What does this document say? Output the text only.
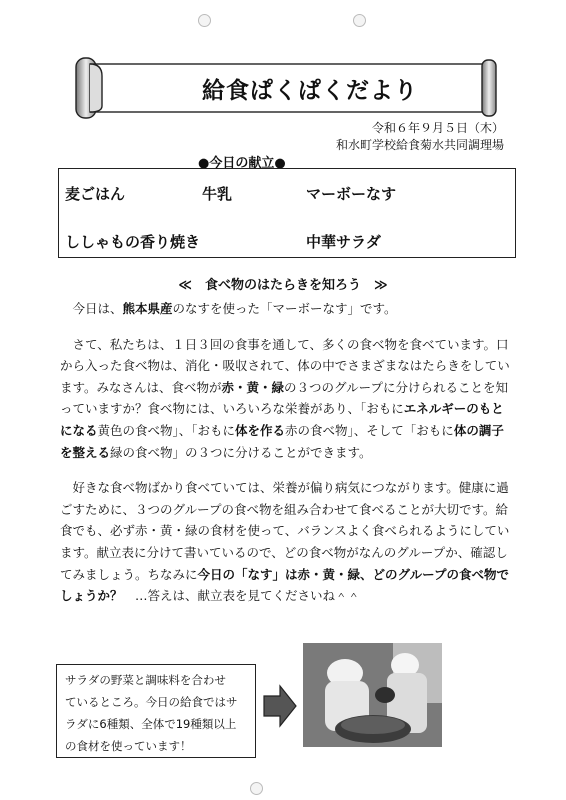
給食ぱくぱくだより
令和６年９月５日（木）
和水町学校給食菊水共同調理場
●今日の献立●
麦ごはん	牛乳	マーボーなす
ししゃもの香り焼き	中華サラダ
≪　食べ物のはたらきを知ろう　≫

今日は、熊本県産のなすを使った「マーボーなす」です。

さて、私たちは、１日３回の食事を通して、多くの食べ物を食べています。口から入った食べ物は、消化・吸収されて、体の中でさまざまなはたらきをしています。みなさんは、食べ物が赤・黄・緑の３つのグループに分けられることを知っていますか？食べ物には、いろいろな栄養があり、「おもにエネルギーのもとになる黄色の食べ物」、「おもに体を作る赤の食べ物」、そして「おもに体の調子を整える緑の食べ物」の３つに分けることができます。

好きな食べ物ばかり食べていては、栄養が偏り病気につながります。健康に過ごすために、３つのグループの食べ物を組み合わせて食べることが大切です。給食でも、必ず赤・黄・緑の食材を使って、バランスよく食べられるようにしています。献立表に分けて書いているので、どの食べ物がなんのグループか、確認してみましょう。ちなみに今日の「なす」は赤・黄・緑、どのグループの食べ物でしょうか？　…答えは、献立表を見てくださいね＾＾

サラダの野菜と調味料を合わせ
ているところ。今日の給食ではサ
ラダに6種類、全体で19種類以上
の食材を使っています！
